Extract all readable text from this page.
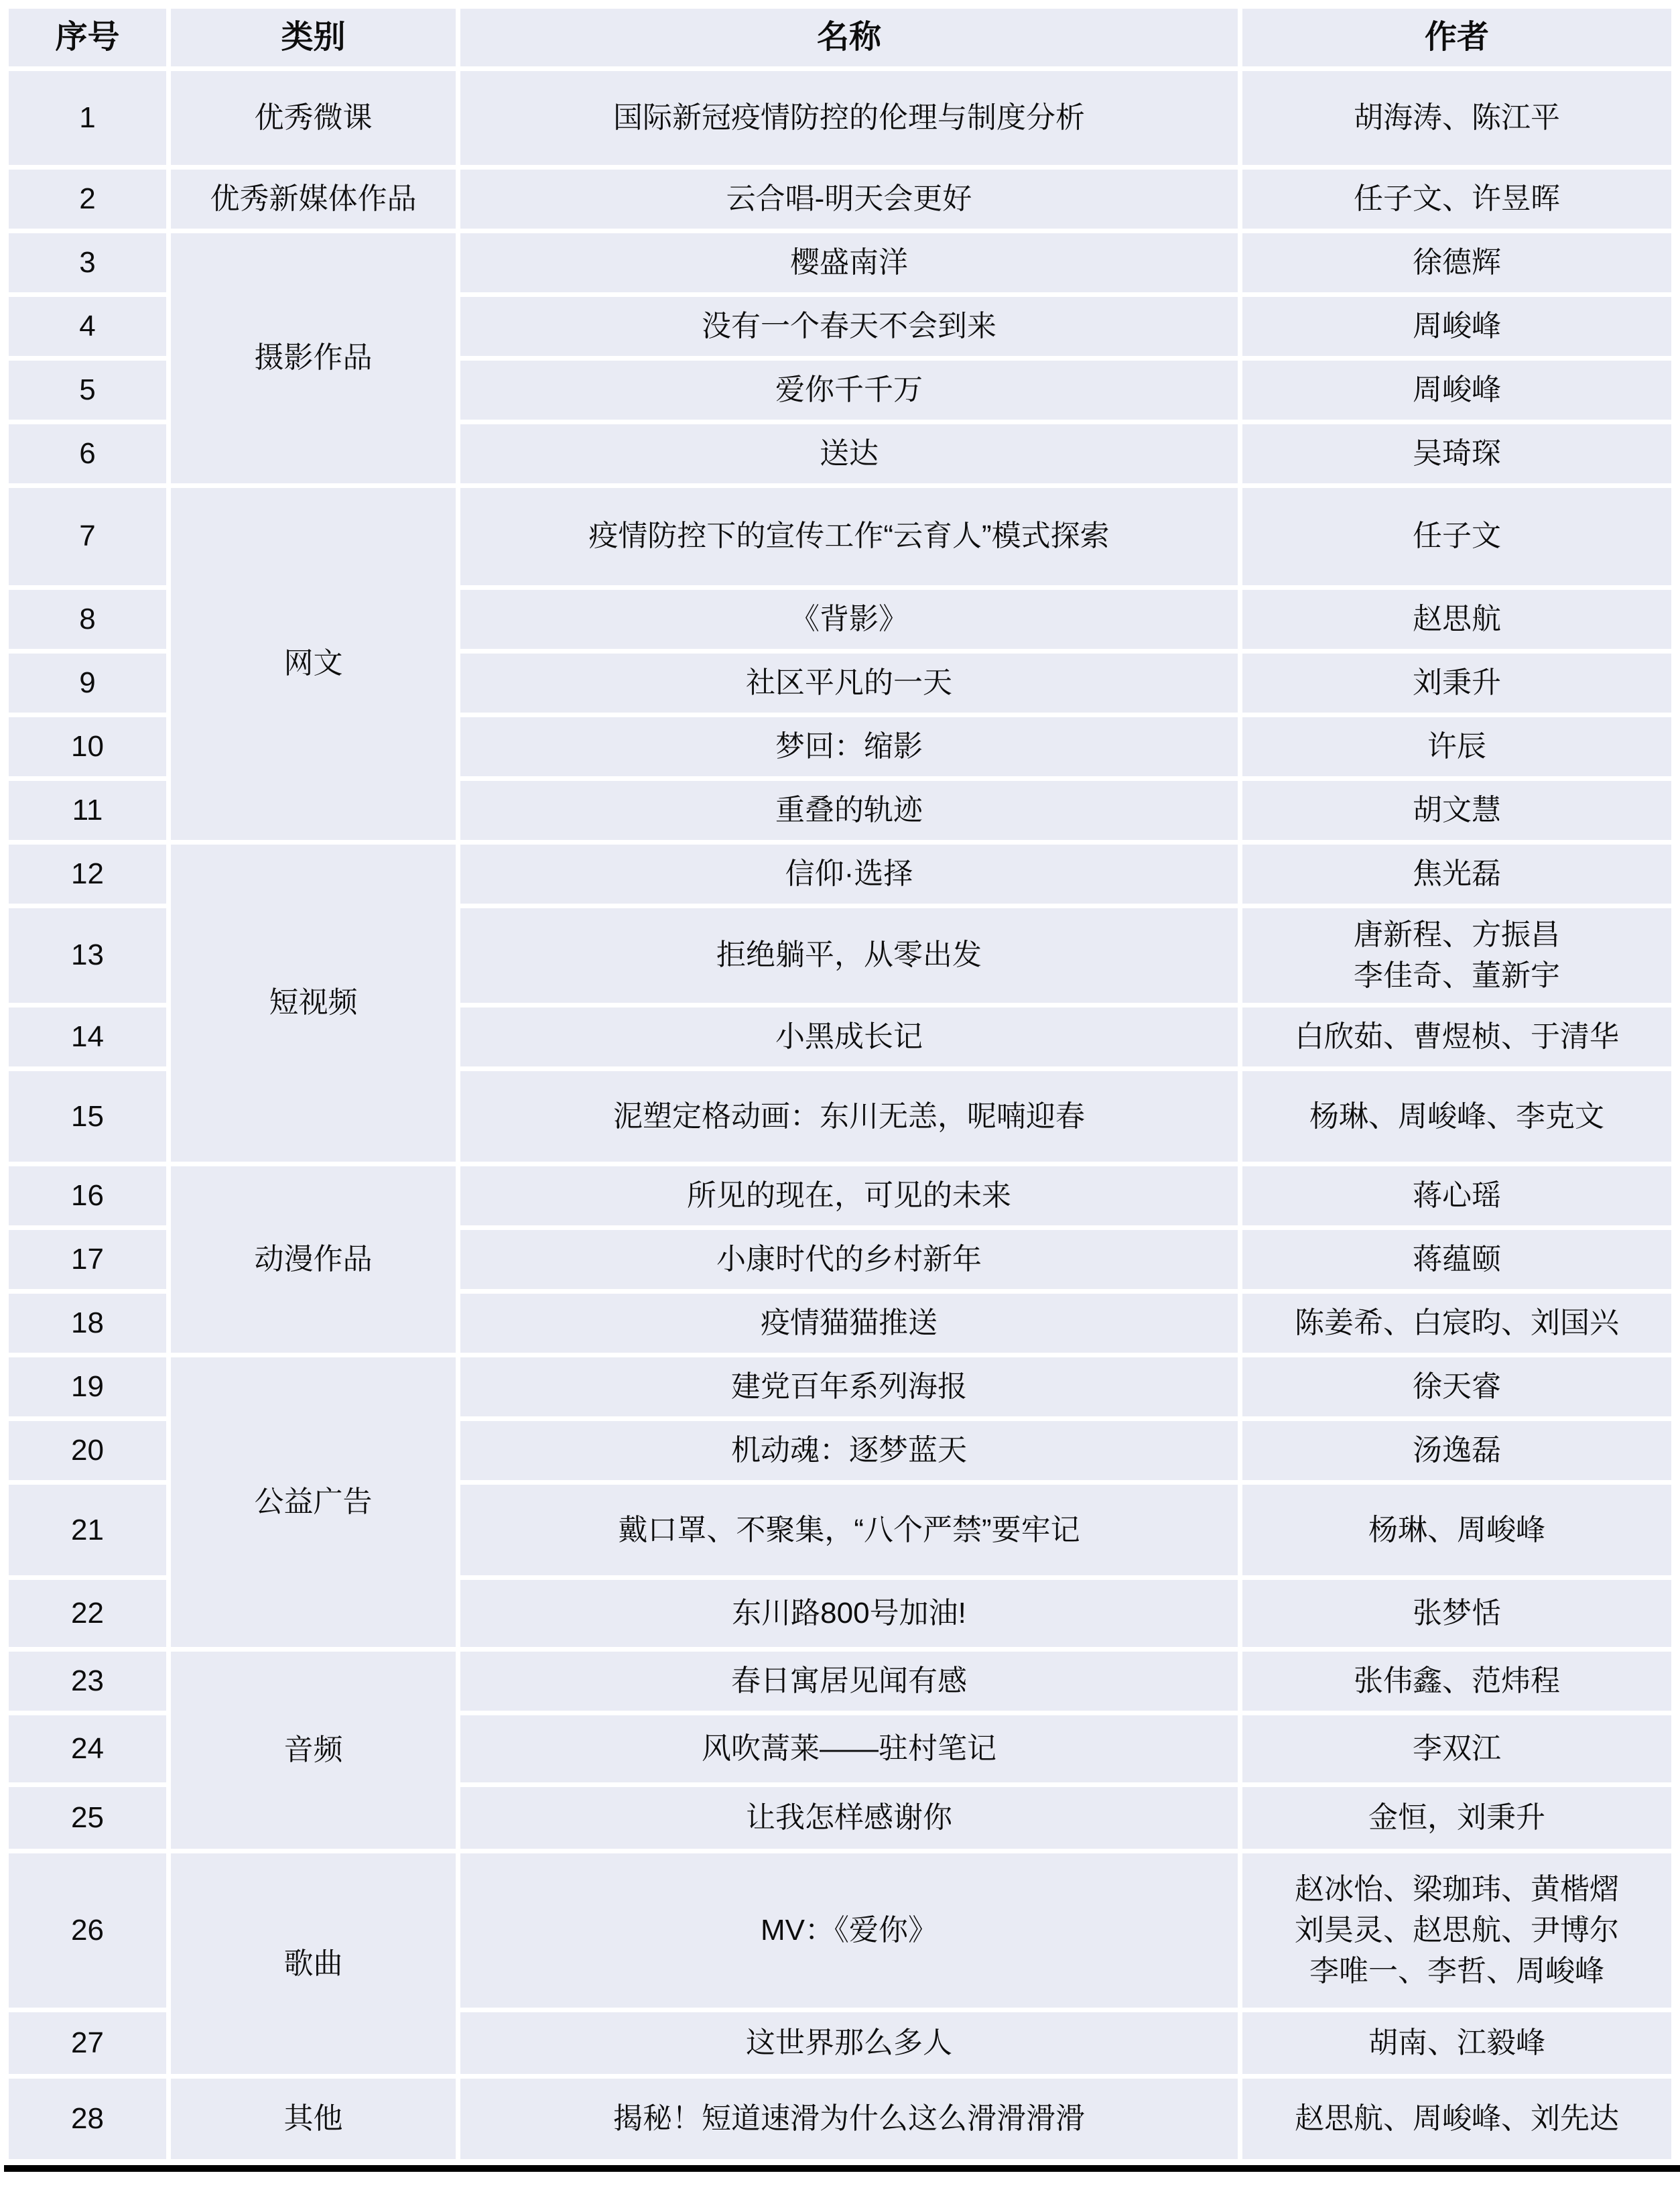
序号	类别	名称	作者
1	优秀微课	国际新冠疫情防控的伦理与制度分析	胡海涛、陈江平
2	优秀新媒体作品	云合唱-明天会更好	任子文、许昱晖
3	摄影作品	樱盛南洋	徐德辉
4		没有一个春天不会到来	周峻峰
5		爱你千千万	周峻峰
6		送达	吴琦琛
7	网文	疫情防控下的宣传工作“云育人”模式探索	任子文
8		《背影》	赵思航
9		社区平凡的一天	刘秉升
10		梦回：缩影	许辰
11		重叠的轨迹	胡文慧
12	短视频	信仰·选择	焦光磊
13		拒绝躺平，从零出发	唐新程、方振昌
李佳奇、董新宇

14		小黑成长记	白欣茹、曹煜桢、于清华
15		泥塑定格动画：东川无恙，呢喃迎春	杨琳、周峻峰、李克文
16	动漫作品	所见的现在，可见的未来	蒋心瑶
17		小康时代的乡村新年	蒋蕴颐
18		疫情猫猫推送	陈姜希、白宸昀、刘国兴
19	公益广告	建党百年系列海报	徐天睿
20		机动魂：逐梦蓝天	汤逸磊
21		戴口罩、不聚集，“八个严禁”要牢记	杨琳、周峻峰
22		东川路800号加油!	张梦恬
23	音频	春日寓居见闻有感	张伟鑫、范炜程
24		风吹蒿莱——驻村笔记	李双江
25		让我怎样感谢你	金恒，刘秉升
26	歌曲	MV：《爱你》	赵冰怡、梁珈玮、黄楷熠
刘昊灵、赵思航、尹博尔
李唯一、李哲、周峻峰

27		这世界那么多人	胡南、江毅峰
28	其他	揭秘！短道速滑为什么这么滑滑滑滑	赵思航、周峻峰、刘先达
